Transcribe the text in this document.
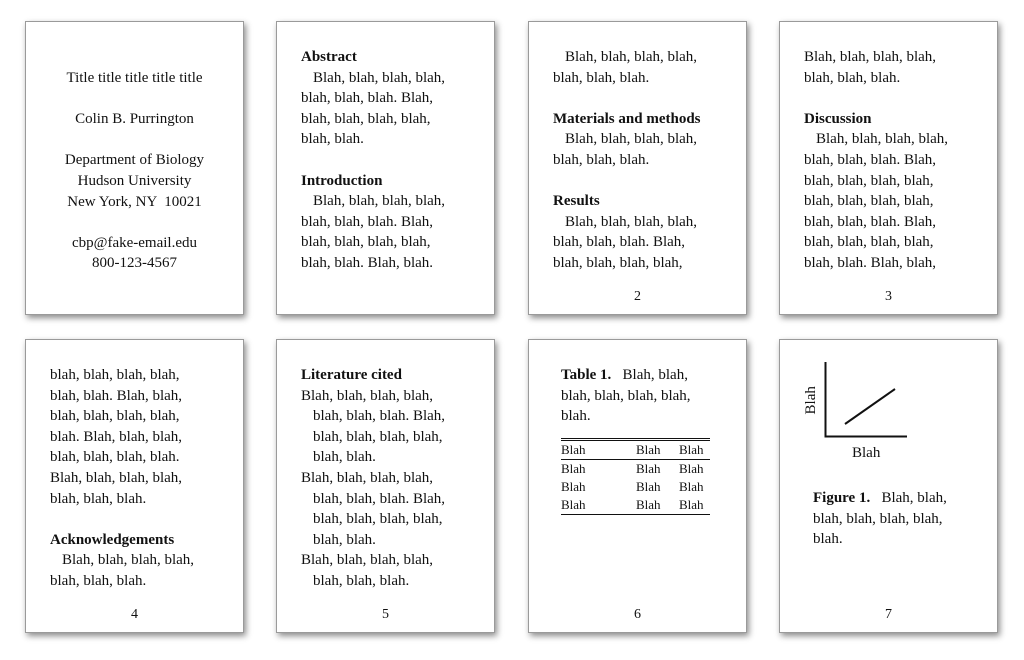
Title title title title title

Colin B. Purrington

Department of Biology
Hudson University
New York, NY  10021

cbp@fake-email.edu
800-123-4567
Abstract
Blah, blah, blah, blah,
blah, blah, blah. Blah,
blah, blah, blah, blah,
blah, blah.

Introduction
Blah, blah, blah, blah,
blah, blah, blah. Blah,
blah, blah, blah, blah,
blah, blah. Blah, blah.
Blah, blah, blah, blah,
blah, blah, blah.

Materials and methods
Blah, blah, blah, blah,
blah, blah, blah.

Results
Blah, blah, blah, blah,
blah, blah, blah. Blah,
blah, blah, blah, blah,
2
Blah, blah, blah, blah,
blah, blah, blah.

Discussion
Blah, blah, blah, blah,
blah, blah, blah. Blah,
blah, blah, blah, blah,
blah, blah, blah, blah,
blah, blah, blah. Blah,
blah, blah, blah, blah,
blah, blah. Blah, blah,
3
blah, blah, blah, blah,
blah, blah. Blah, blah,
blah, blah, blah, blah,
blah. Blah, blah, blah,
blah, blah, blah, blah.
Blah, blah, blah, blah,
blah, blah, blah.

Acknowledgements
Blah, blah, blah, blah,
blah, blah, blah.
4
Literature cited
Blah, blah, blah, blah,
blah, blah, blah. Blah,
blah, blah, blah, blah,
blah, blah.
Blah, blah, blah, blah,
blah, blah, blah. Blah,
blah, blah, blah, blah,
blah, blah.
Blah, blah, blah, blah,
blah, blah, blah.
5
Table 1. Blah, blah,
blah, blah, blah, blah,
blah.
Blah	Blah	Blah
Blah	Blah	Blah
Blah	Blah	Blah
Blah	Blah	Blah
6
Blah
Blah
Figure 1. Blah, blah,
blah, blah, blah, blah,
blah.
7
